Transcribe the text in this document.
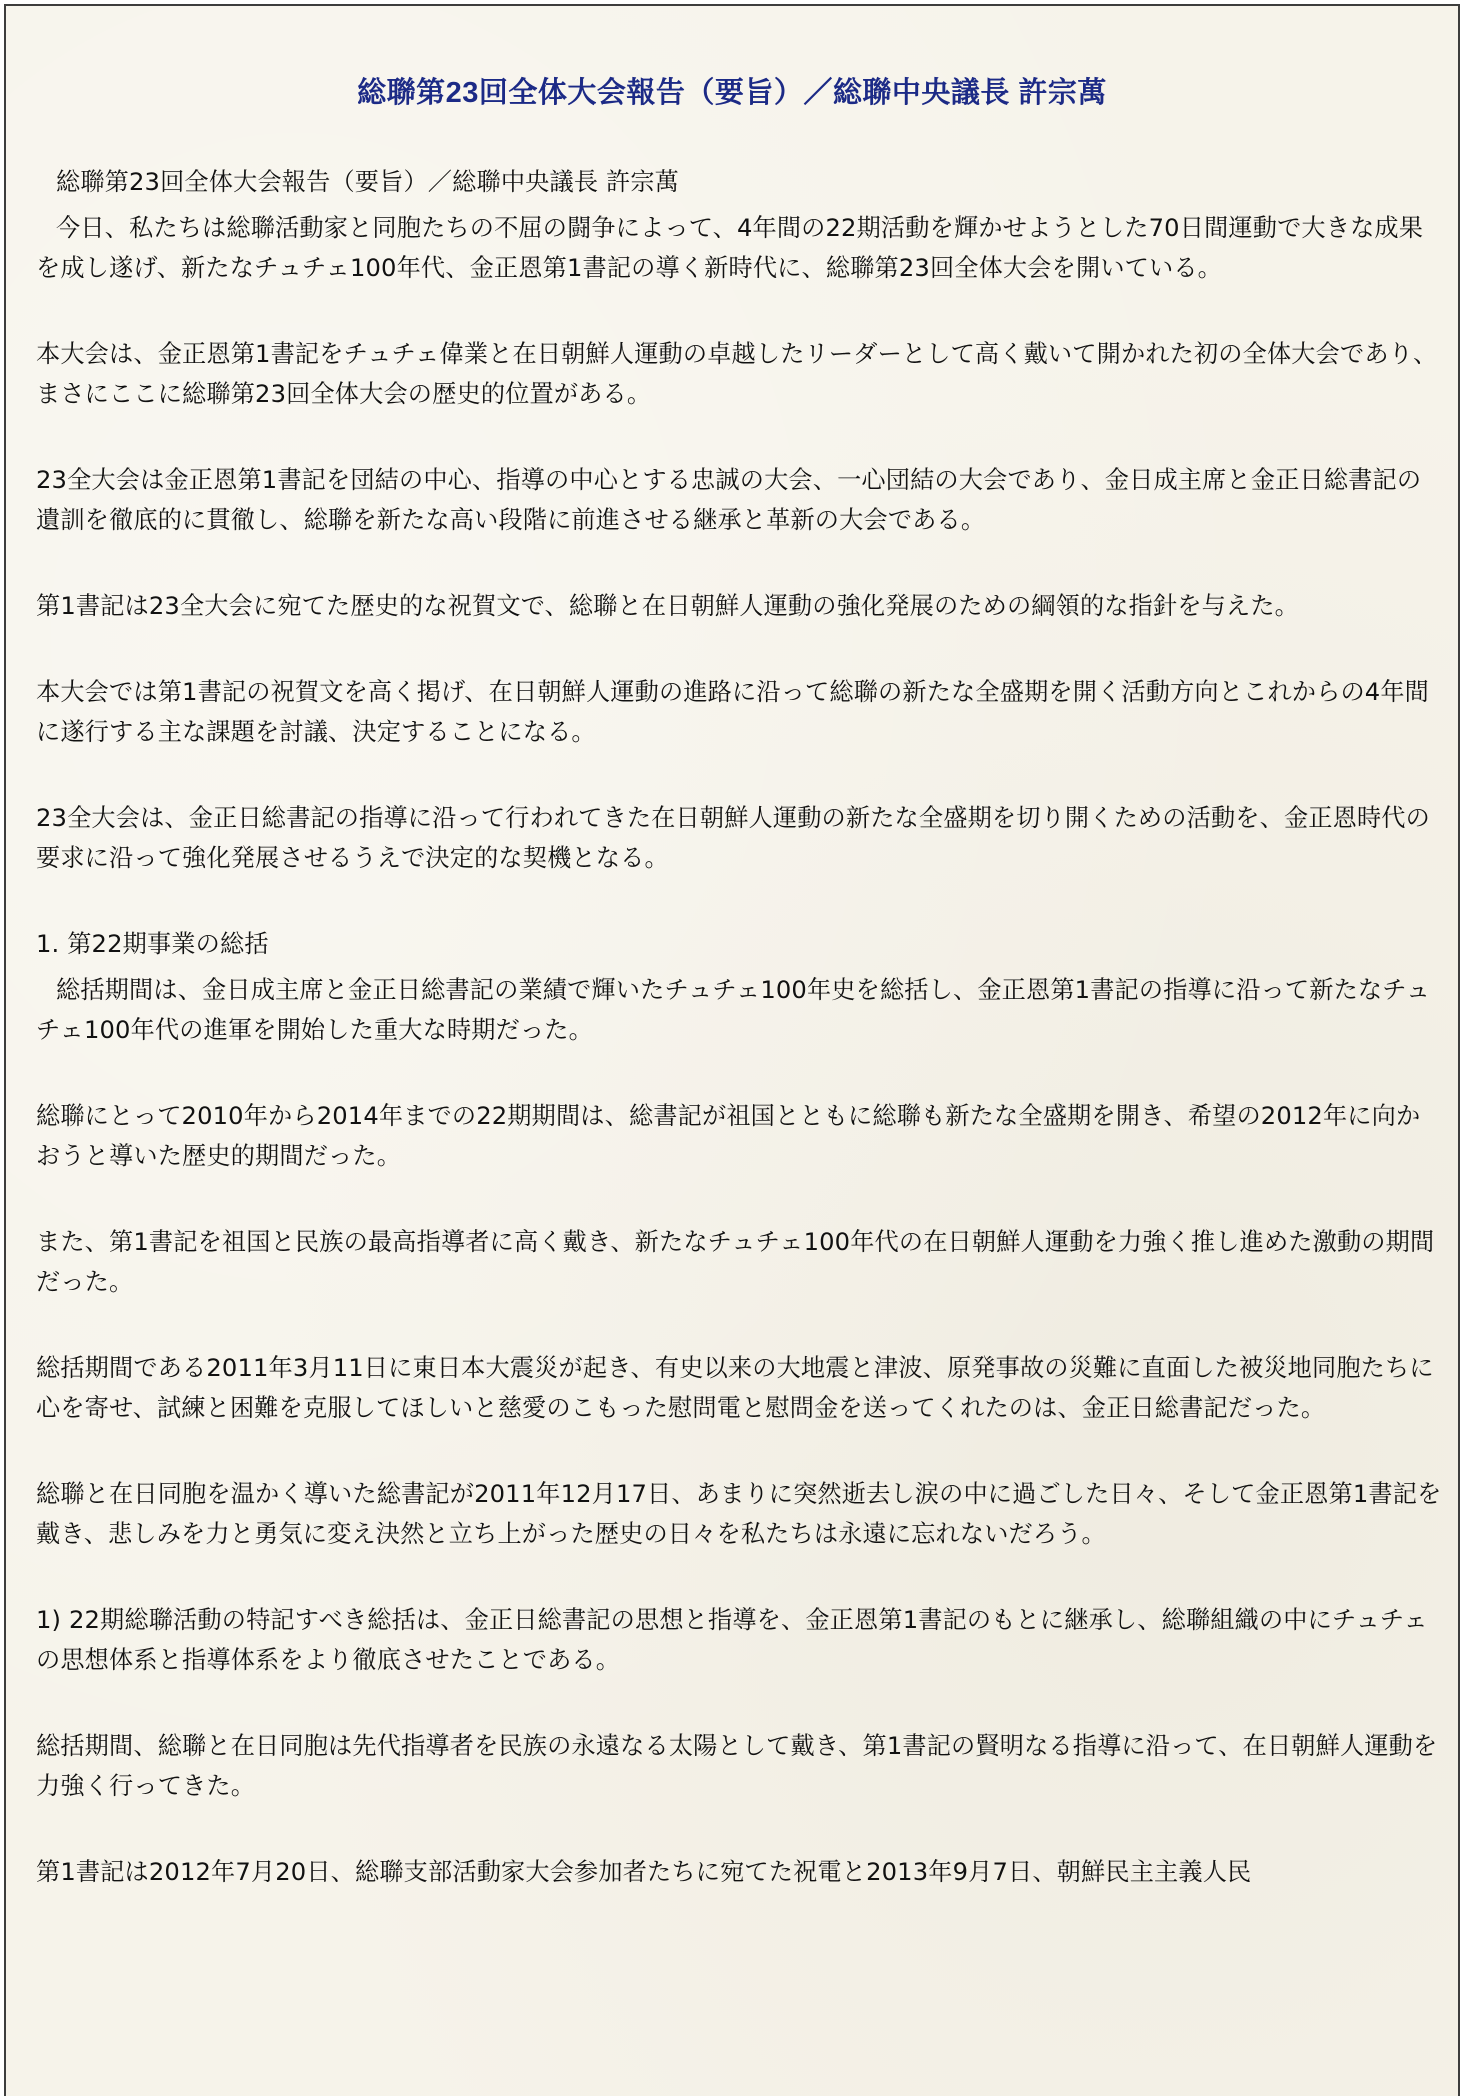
総聯第23回全体大会報告（要旨）／総聯中央議長 許宗萬

総聯第23回全体大会報告（要旨）／総聯中央議長 許宗萬

今日、私たちは総聯活動家と同胞たちの不屈の闘争によって、4年間の22期活動を輝かせようとした70日間運動で大きな成果を成し遂げ、新たなチュチェ100年代、金正恩第1書記の導く新時代に、総聯第23回全体大会を開いている。

本大会は、金正恩第1書記をチュチェ偉業と在日朝鮮人運動の卓越したリーダーとして高く戴いて開かれた初の全体大会であり、まさにここに総聯第23回全体大会の歴史的位置がある。

23全大会は金正恩第1書記を団結の中心、指導の中心とする忠誠の大会、一心団結の大会であり、金日成主席と金正日総書記の遺訓を徹底的に貫徹し、総聯を新たな高い段階に前進させる継承と革新の大会である。

第1書記は23全大会に宛てた歴史的な祝賀文で、総聯と在日朝鮮人運動の強化発展のための綱領的な指針を与えた。

本大会では第1書記の祝賀文を高く掲げ、在日朝鮮人運動の進路に沿って総聯の新たな全盛期を開く活動方向とこれからの4年間に遂行する主な課題を討議、決定することになる。

23全大会は、金正日総書記の指導に沿って行われてきた在日朝鮮人運動の新たな全盛期を切り開くための活動を、金正恩時代の要求に沿って強化発展させるうえで決定的な契機となる。

1. 第22期事業の総括

総括期間は、金日成主席と金正日総書記の業績で輝いたチュチェ100年史を総括し、金正恩第1書記の指導に沿って新たなチュチェ100年代の進軍を開始した重大な時期だった。

総聯にとって2010年から2014年までの22期期間は、総書記が祖国とともに総聯も新たな全盛期を開き、希望の2012年に向かおうと導いた歴史的期間だった。

また、第1書記を祖国と民族の最高指導者に高く戴き、新たなチュチェ100年代の在日朝鮮人運動を力強く推し進めた激動の期間だった。

総括期間である2011年3月11日に東日本大震災が起き、有史以来の大地震と津波、原発事故の災難に直面した被災地同胞たちに心を寄せ、試練と困難を克服してほしいと慈愛のこもった慰問電と慰問金を送ってくれたのは、金正日総書記だった。

総聯と在日同胞を温かく導いた総書記が2011年12月17日、あまりに突然逝去し涙の中に過ごした日々、そして金正恩第1書記を戴き、悲しみを力と勇気に変え決然と立ち上がった歴史の日々を私たちは永遠に忘れないだろう。

1) 22期総聯活動の特記すべき総括は、金正日総書記の思想と指導を、金正恩第1書記のもとに継承し、総聯組織の中にチュチェの思想体系と指導体系をより徹底させたことである。

総括期間、総聯と在日同胞は先代指導者を民族の永遠なる太陽として戴き、第1書記の賢明なる指導に沿って、在日朝鮮人運動を力強く行ってきた。

第1書記は2012年7月20日、総聯支部活動家大会参加者たちに宛てた祝電と2013年9月7日、朝鮮民主主義人民
